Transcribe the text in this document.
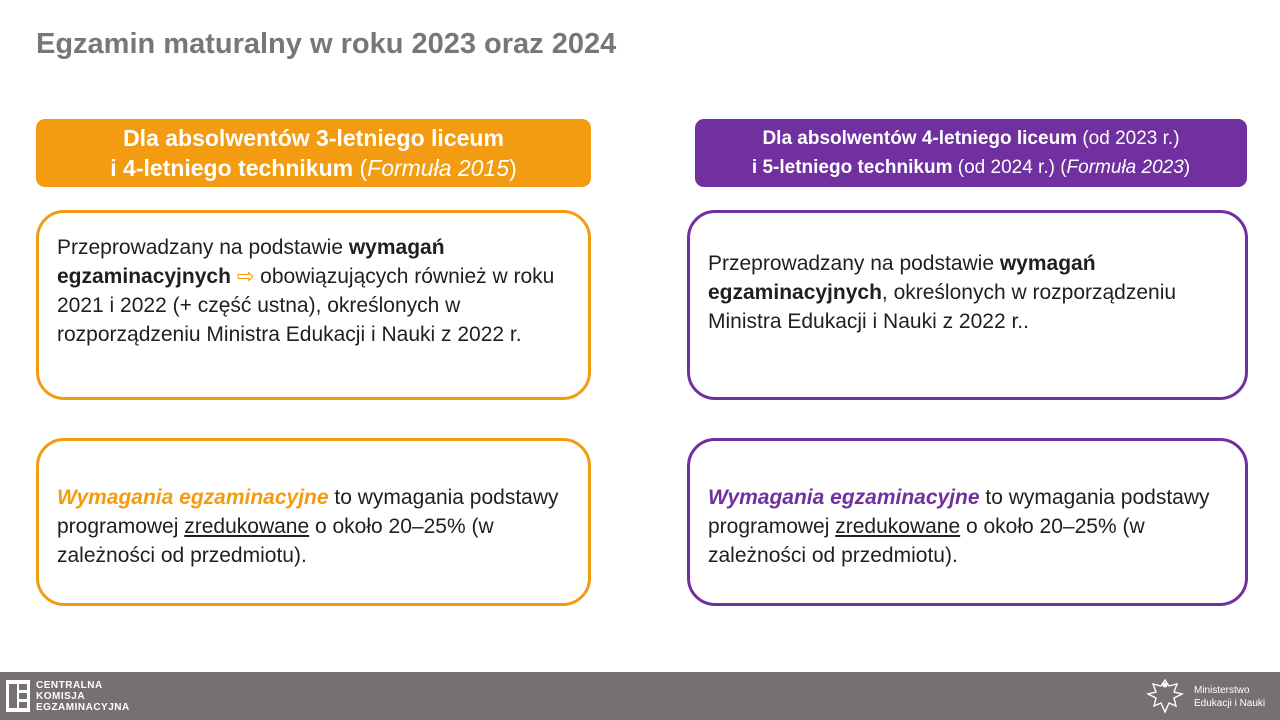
Egzamin maturalny w roku 2023 oraz 2024
Dla absolwentów 3-letniego liceum
i 4-letniego technikum (Formuła 2015)
Dla absolwentów 4-letniego liceum (od 2023 r.)
i 5-letniego technikum (od 2024 r.) (Formuła 2023)
Przeprowadzany na podstawie wymagań egzaminacyjnych ⇨ obowiązujących również w roku 2021 i 2022 (+ część ustna), określonych w rozporządzeniu Ministra Edukacji i Nauki z 2022 r.
Przeprowadzany na podstawie wymagań egzaminacyjnych, określonych w rozporządzeniu Ministra Edukacji i Nauki z 2022 r..
Wymagania egzaminacyjne to wymagania podstawy programowej zredukowane o około 20–25% (w zależności od przedmiotu).
Wymagania egzaminacyjne to wymagania podstawy programowej zredukowane o około 20–25% (w zależności od przedmiotu).
CENTRALNA
KOMISJA
EGZAMINACYJNA
Ministerstwo
Edukacji i Nauki
